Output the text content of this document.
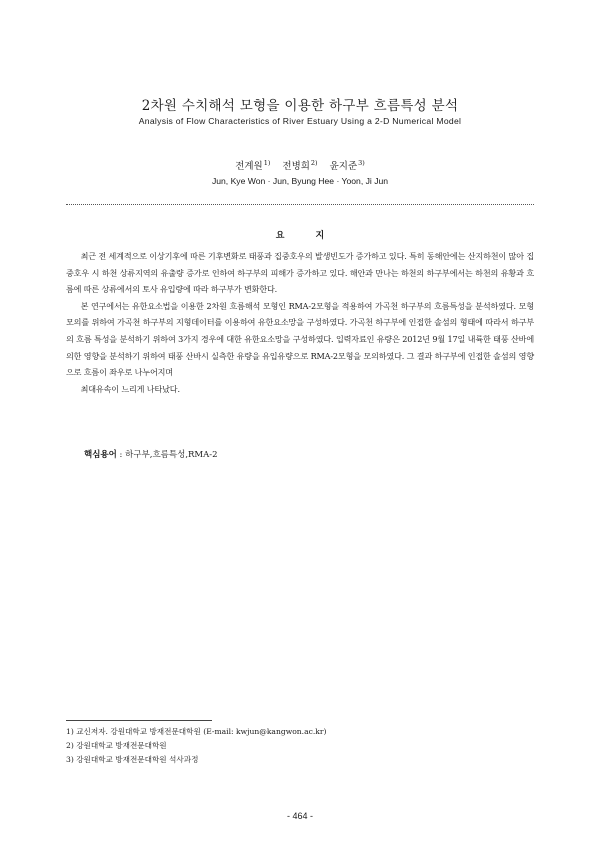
2차원 수치해석 모형을 이용한 하구부 흐름특성 분석
Analysis of Flow Characteristics of River Estuary Using a 2-D Numerical Model
전계원$^{1)}$ 전병희$^{2)}$ 윤지준$^{3)}$
Jun, Kye Won · Jun, Byung Hee · Yoon, Ji Jun
요 지

최근 전 세계적으로 이상기후에 따른 기후변화로 태풍과 집중호우의 발생빈도가 증가하고 있다. 특히 동해안에는 산지하천이 많아 집중호우 시 하천 상류지역의 유출량 증가로 인하여 하구부의 피해가 증가하고 있다. 해안과 만나는 하천의 하구부에서는 하천의 유황과 흐름에 따른 상류에서의 토사 유입량에 따라 하구부가 변화한다.

본 연구에서는 유한요소법을 이용한 2차원 흐름해석 모형인 RMA-2모형을 적용하여 가곡천 하구부의 흐름특성을 분석하였다. 모형 모의를 위하여 가곡천 하구부의 지형데이터를 이용하여 유한요소망을 구성하였다. 가곡천 하구부에 인접한 솔섬의 형태에 따라서 하구부의 흐름 특성을 분석하기 위하여 3가지 경우에 대한 유한요소망을 구성하였다. 입력자료인 유량은 2012년 9월 17일 내륙한 태풍 산바에 의한 영향을 분석하기 위하여 태풍 산바시 실측한 유량을 유입유량으로 RMA-2모형을 모의하였다. 그 결과 하구부에 인접한 솔섬의 영향으로 흐름이 좌우로 나누어지며

최대유속이 느리게 나타났다.

핵심용어 : 하구부,흐름특성,RMA-2
1) 교신저자. 강원대학교 방재전문대학원 (E-mail: kwjun@kangwon.ac.kr)
2) 강원대학교 방재전문대학원
3) 강원대학교 방재전문대학원 석사과정
- 464 -
